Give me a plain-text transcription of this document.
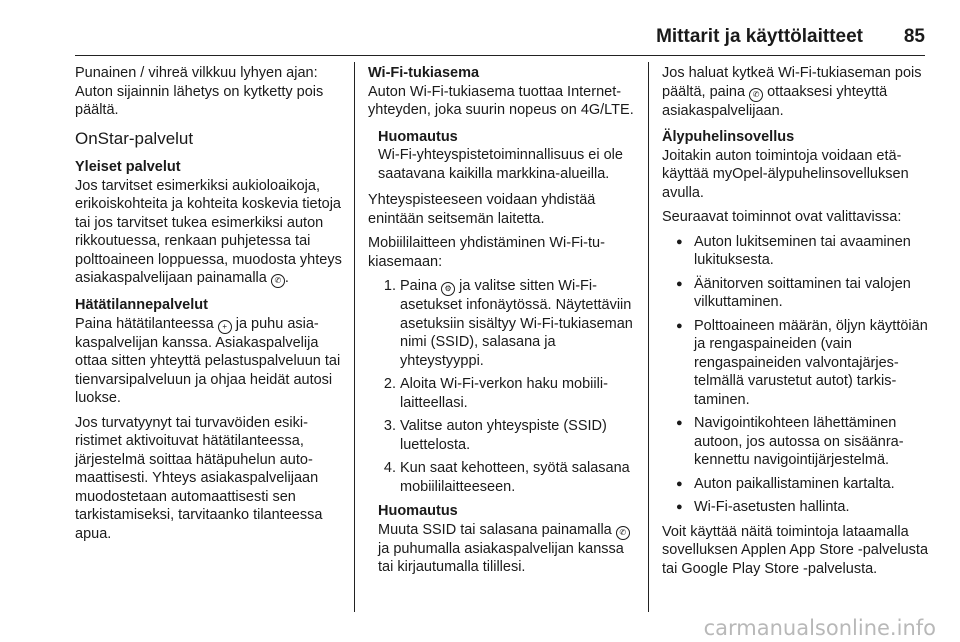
Mittarit ja käyttölaitteet 85

Punainen / vihreä vilkkuu lyhyen ajan: Auton sijainnin lähetys on kytketty pois päältä.

OnStar-palvelut
Yleiset palvelut

Jos tarvitset esimerkiksi aukioloaikoja, erikoiskohteita ja kohteita koskevia tietoja tai jos tarvitset tukea esimerkiksi auton rikkoutuessa, renkaan puhjetessa tai polttoaineen loppuessa, muodosta yhteys asiakaspalvelijaan painamalla ✆ .

Hätätilannepalvelut

Paina hätätilanteessa + ja puhu asiakaspalvelijan kanssa. Asiakaspalvelija ottaa sitten yhteyttä pelastuspalveluun tai tienvarsipalveluun ja ohjaa heidät autosi luokse.

Jos turvatyynyt tai turvavöiden esikiristimet aktivoituvat hätätilanteessa, järjestelmä soittaa hätäpuhelun automaattisesti. Yhteys asiakaspalvelijaan muodostetaan automaattisesti sen tarkistamiseksi, tarvitaanko tilanteessa apua.

Wi-Fi-tukiasema

Auton Wi-Fi-tukiasema tuottaa Internet-yhteyden, joka suurin nopeus on 4G/LTE.

Huomautus
Wi-Fi-yhteyspistetoiminnallisuus ei ole saatavana kaikilla markkina-alueilla.

Yhteyspisteeseen voidaan yhdistää enintään seitsemän laitetta.

Mobiililaitteen yhdistäminen Wi-Fi-tukiasemaan:

1. Paina ⚙ ja valitse sitten Wi-Fi-asetukset infonäytössä. Näytettäviin asetuksiin sisältyy Wi-Fi-tukiaseman nimi (SSID), salasana ja yhteystyyppi.
2. Aloita Wi-Fi-verkon haku mobiililaitteellasi.
3. Valitse auton yhteyspiste (SSID) luettelosta.
4. Kun saat kehotteen, syötä salasana mobiililaitteeseen.
Huomautus
Muuta SSID tai salasana painamalla ✆ ja puhumalla asiakaspalvelijan kanssa tai kirjautumalla tilillesi.

Jos haluat kytkeä Wi-Fi-tukiaseman pois päältä, paina ✆ ottaaksesi yhteyttä asiakaspalvelijaan.

Älypuhelinsovellus

Joitakin auton toimintoja voidaan etäkäyttää myOpel-älypuhelinsovelluksen avulla.

Seuraavat toiminnot ovat valittavissa:

● Auton lukitseminen tai avaaminen lukituksesta.
● Äänitorven soittaminen tai valojen vilkuttaminen.
● Polttoaineen määrän, öljyn käyttöiän ja rengaspaineiden (vain rengaspaineiden valvontajärjestelmällä varustetut autot) tarkistaminen.
● Navigointikohteen lähettäminen autoon, jos autossa on sisäänrakennettu navigointijärjestelmä.
● Auton paikallistaminen kartalta.
● Wi-Fi-asetusten hallinta.

Voit käyttää näitä toimintoja lataamalla sovelluksen Applen App Store -palvelusta tai Google Play Store -palvelusta.

carmanualsonline.info
